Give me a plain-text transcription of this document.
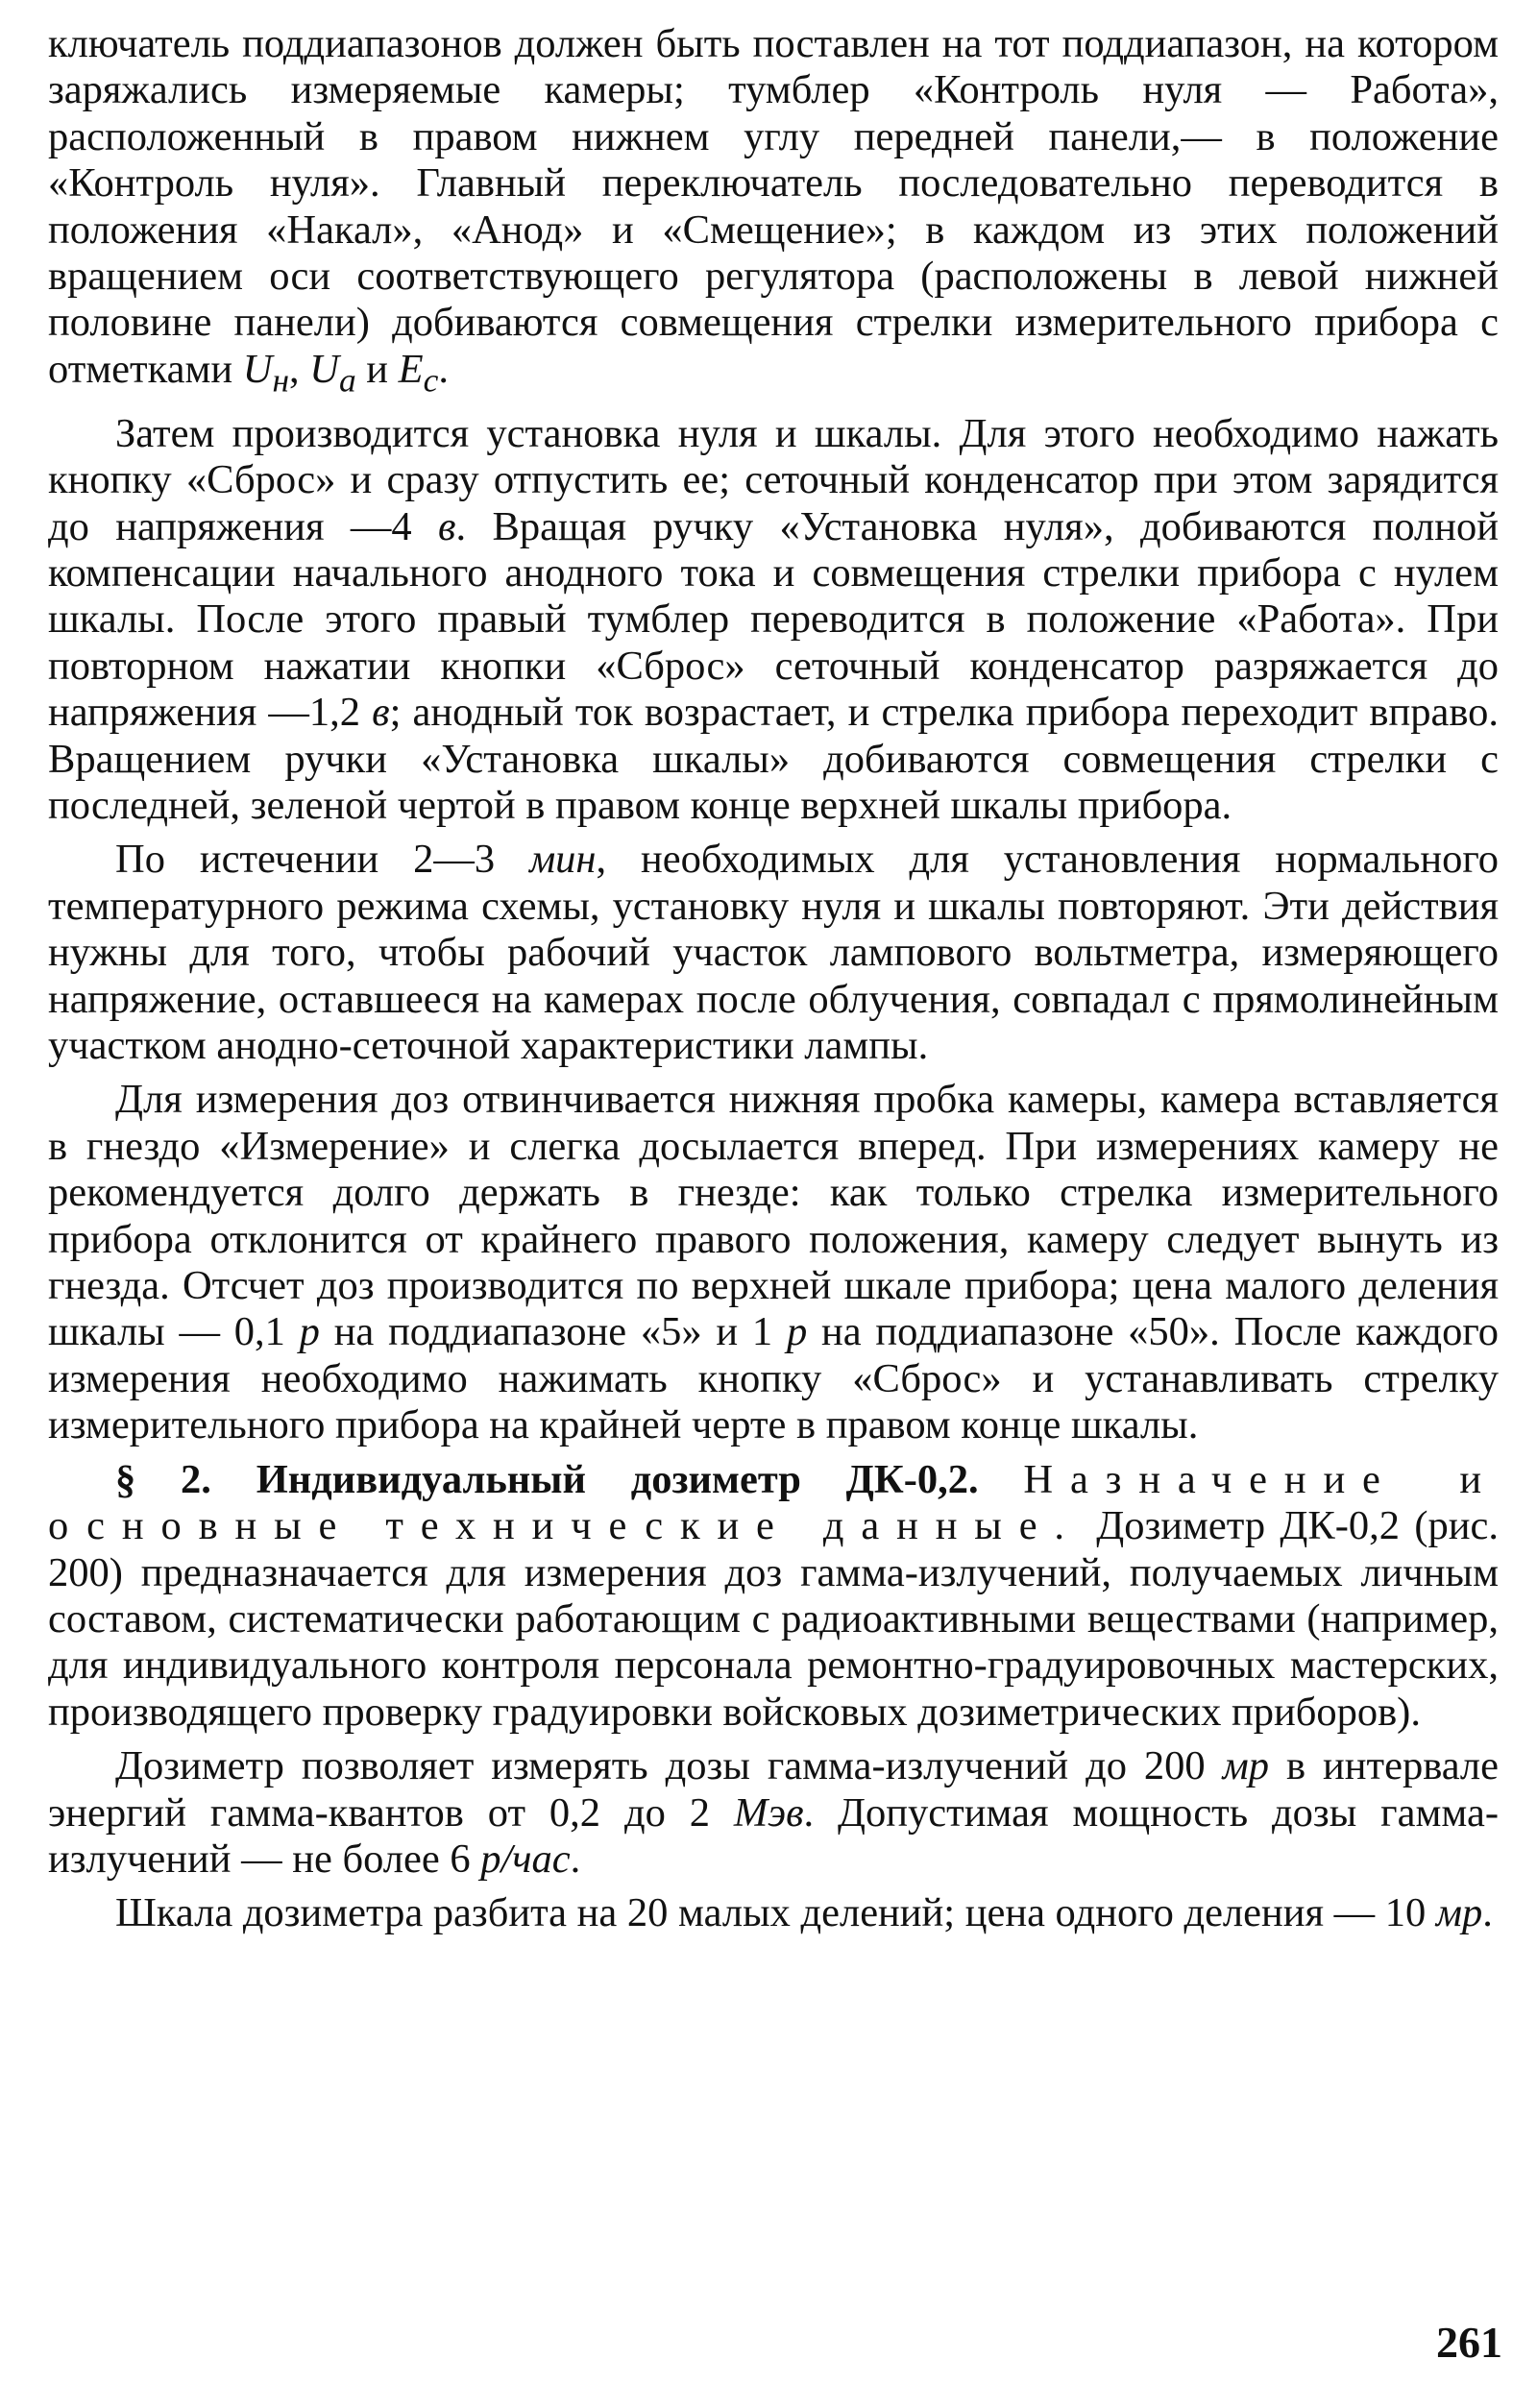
ключатель поддиапазонов должен быть поставлен на тот поддиапазон, на котором заряжались измеряемые камеры; тумблер «Контроль нуля — Работа», расположенный в правом нижнем углу передней панели,— в положение «Контроль нуля». Главный переключатель последовательно переводится в положения «Накал», «Анод» и «Смещение»; в каждом из этих положений вращением оси соответствующего регулятора (расположены в левой нижней половине панели) добиваются совмещения стрелки измерительного прибора с отметками $U_н$, $U_a$ и $E_c$.

Затем производится установка нуля и шкалы. Для этого необходимо нажать кнопку «Сброс» и сразу отпустить ее; сеточный конденсатор при этом зарядится до напряжения —4 в. Вращая ручку «Установка нуля», добиваются полной компенсации начального анодного тока и совмещения стрелки прибора с нулем шкалы. После этого правый тумблер переводится в положение «Работа». При повторном нажатии кнопки «Сброс» сеточный конденсатор разряжается до напряжения —1,2 в; анодный ток возрастает, и стрелка прибора переходит вправо. Вращением ручки «Установка шкалы» добиваются совмещения стрелки с последней, зеленой чертой в правом конце верхней шкалы прибора.

По истечении 2—3 мин, необходимых для установления нормального температурного режима схемы, установку нуля и шкалы повторяют. Эти действия нужны для того, чтобы рабочий участок лампового вольтметра, измеряющего напряжение, оставшееся на камерах после облучения, совпадал с прямолинейным участком анодно-сеточной характеристики лампы.

Для измерения доз отвинчивается нижняя пробка камеры, камера вставляется в гнездо «Измерение» и слегка досылается вперед. При измерениях камеру не рекомендуется долго держать в гнезде: как только стрелка измерительного прибора отклонится от крайнего правого положения, камеру следует вынуть из гнезда. Отсчет доз производится по верхней шкале прибора; цена малого деления шкалы — 0,1 р на поддиапазоне «5» и 1 р на поддиапазоне «50». После каждого измерения необходимо нажимать кнопку «Сброс» и устанавливать стрелку измерительного прибора на крайней черте в правом конце шкалы.

§ 2. Индивидуальный дозиметр ДК-0,2. Назначение и основные технические данные. Дозиметр ДК-0,2 (рис. 200) предназначается для измерения доз гамма-излучений, получаемых личным составом, систематически работающим с радиоактивными веществами (например, для индивидуального контроля персонала ремонтно-градуировочных мастерских, производящего проверку градуировки войсковых дозиметрических приборов).

Дозиметр позволяет измерять дозы гамма-излучений до 200 мр в интервале энергий гамма-квантов от 0,2 до 2 Мэв. Допустимая мощность дозы гамма-излучений — не более 6 р/час.

Шкала дозиметра разбита на 20 малых делений; цена одного деления — 10 мр.

261
